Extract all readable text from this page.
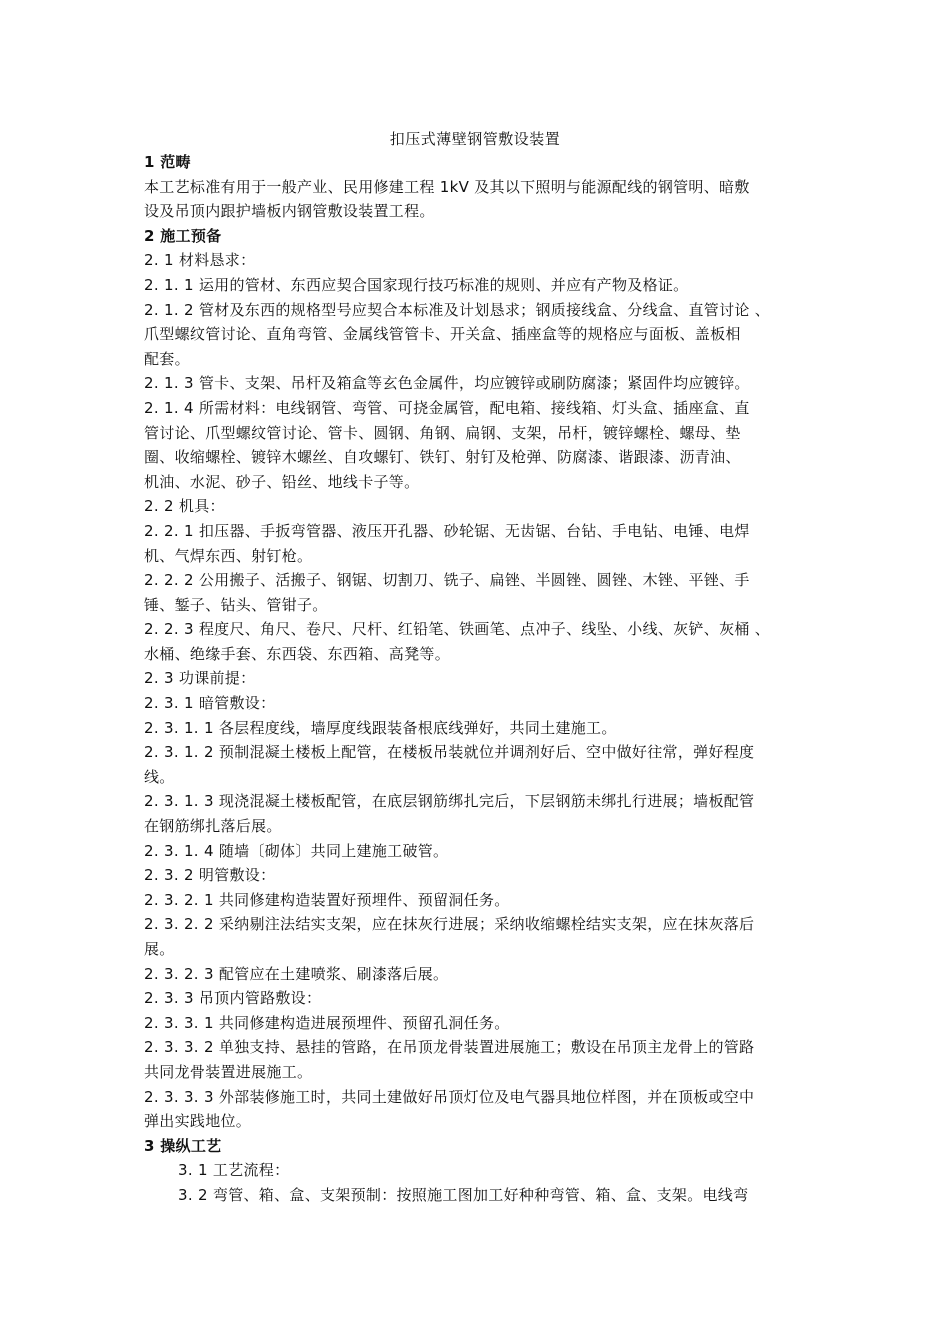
扣压式薄壁钢管敷设装置
1 范畴
本工艺标准有用于一般产业、民用修建工程 1kV 及其以下照明与能源配线的钢管明、暗敷
设及吊顶内跟护墙板内钢管敷设装置工程。
2 施工预备
2. 1 材料恳求：
2. 1. 1 运用的管材、东西应契合国家现行技巧标准的规则、并应有产物及格证。
2. 1. 2 管材及东西的规格型号应契合本标准及计划恳求；钢质接线盒、分线盒、直管讨论 、
爪型螺纹管讨论、直角弯管、金属线管管卡、开关盒、插座盒等的规格应与面板、盖板相
配套。
2. 1. 3 管卡、支架、吊杆及箱盒等玄色金属件，均应镀锌或刷防腐漆；紧固件均应镀锌。
2. 1. 4 所需材料：电线钢管、弯管、可挠金属管，配电箱、接线箱、灯头盒、插座盒、直
管讨论、爪型螺纹管讨论、管卡、圆钢、角钢、扁钢、支架，吊杆，镀锌螺栓、螺母、垫
圈、收缩螺栓、镀锌木螺丝、自攻螺钉、铁钉、射钉及枪弹、防腐漆、谐跟漆、沥青油、
机油、水泥、砂子、铅丝、地线卡子等。
2. 2 机具：
2. 2. 1 扣压器、手扳弯管器、液压开孔器、砂轮锯、无齿锯、台钻、手电钻、电锤、电焊
机、气焊东西、射钉枪。
2. 2. 2 公用搬子、活搬子、钢锯、切割刀、铣子、扁锉、半圆锉、圆锉、木锉、平锉、手
锤、錾子、钻头、管钳子。
2. 2. 3 程度尺、角尺、卷尺、尺杆、红铅笔、铁画笔、点冲子、线坠、小线、灰铲、灰桶 、
水桶、绝缘手套、东西袋、东西箱、高凳等。
2. 3 功课前提：
2. 3. 1 暗管敷设：
2. 3. 1. 1 各层程度线，墙厚度线跟装备根底线弹好，共同土建施工。
2. 3. 1. 2 预制混凝土楼板上配管，在楼板吊装就位并调剂好后、空中做好往常，弹好程度
线。
2. 3. 1. 3 现浇混凝土楼板配管，在底层钢筋绑扎完后，下层钢筋未绑扎行进展；墙板配管
在钢筋绑扎落后展。
2. 3. 1. 4 随墙〔砌体〕共同上建施工破管。
2. 3. 2 明管敷设：
2. 3. 2. 1 共同修建构造装置好预埋件、预留洞任务。
2. 3. 2. 2 采纳剔注法结实支架，应在抹灰行进展；采纳收缩螺栓结实支架，应在抹灰落后
展。
2. 3. 2. 3 配管应在土建喷浆、刷漆落后展。
2. 3. 3 吊顶内管路敷设：
2. 3. 3. 1 共同修建构造进展预埋件、预留孔洞任务。
2. 3. 3. 2 单独支持、悬挂的管路，在吊顶龙骨装置进展施工；敷设在吊顶主龙骨上的管路
共同龙骨装置进展施工。
2. 3. 3. 3 外部装修施工时，共同土建做好吊顶灯位及电气器具地位样图，并在顶板或空中
弹出实践地位。
3 操纵工艺
3. 1 工艺流程：
3. 2 弯管、箱、盒、支架预制：按照施工图加工好种种弯管、箱、盒、支架。电线弯
